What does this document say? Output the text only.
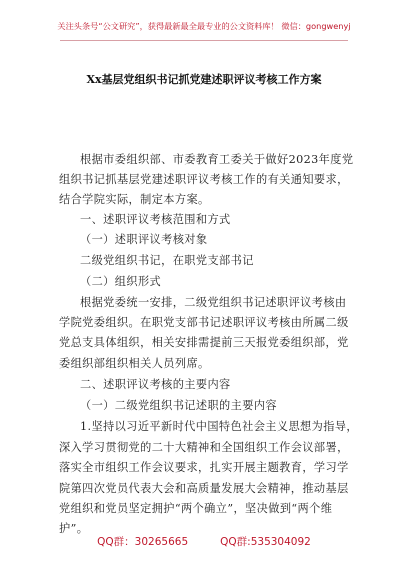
关注头条号“公文研究”，获得最新最全最专业的公文资料库！ 微信：gongwenyj
Xx基层党组织书记抓党建述职评议考核工作方案
根据市委组织部、市委教育工委关于做好2023年度党
组织书记抓基层党建述职评议考核工作的有关通知要求，
结合学院实际，制定本方案。
一、述职评议考核范围和方式
（一）述职评议考核对象
二级党组织书记，在职党支部书记
（二）组织形式
根据党委统一安排，二级党组织书记述职评议考核由
学院党委组织。在职党支部书记述职评议考核由所属二级
党总支具体组织，相关安排需提前三天报党委组织部，党
委组织部组织相关人员列席。
二、述职评议考核的主要内容
（一）二级党组织书记述职的主要内容
1.坚持以习近平新时代中国特色社会主义思想为指导，
深入学习贯彻党的二十大精神和全国组织工作会议部署，
落实全市组织工作会议要求，扎实开展主题教育，学习学
院第四次党员代表大会和高质量发展大会精神，推动基层
党组织和党员坚定拥护“两个确立”，坚决做到“两个维
护”。
QQ群：30265665	QQ群:535304092
